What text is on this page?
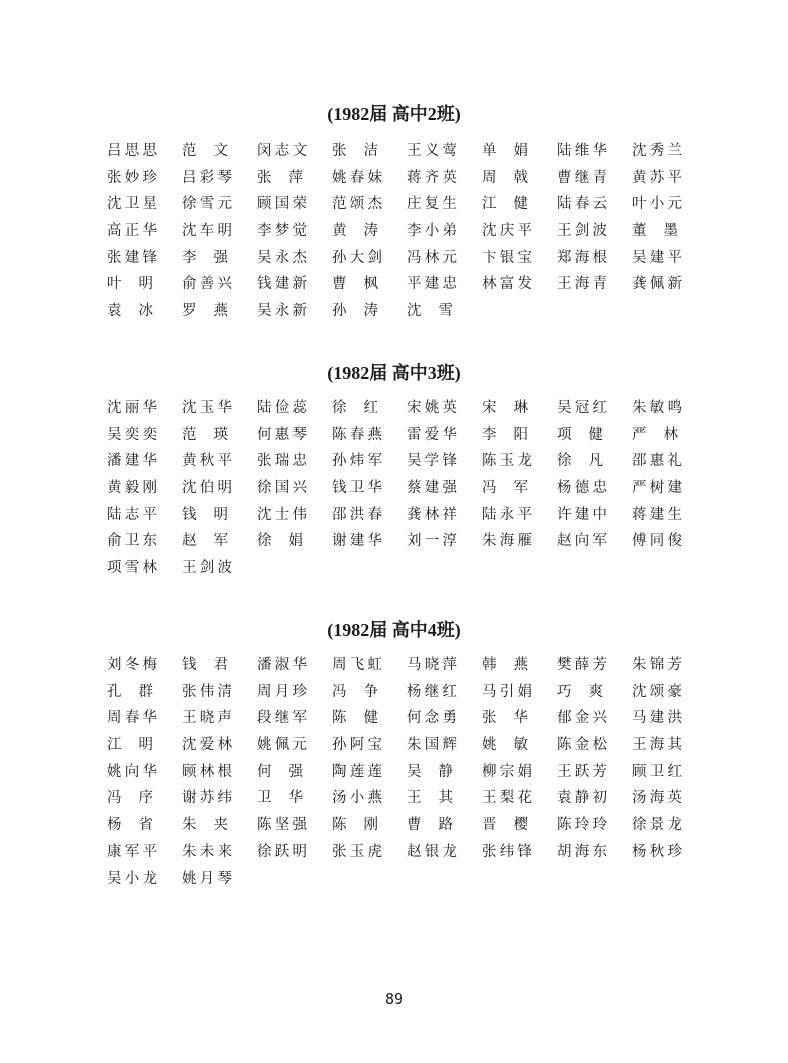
(1982届 高中2班)
吕思思 范文 闵志文 张洁 王义莺 单娟 陆维华 沈秀兰
张妙珍 吕彩琴 张萍 姚春妹 蒋齐英 周戟 曹继青 黄苏平
沈卫星 徐雪元 顾国荣 范颂杰 庄复生 江健 陆春云 叶小元
高正华 沈车明 李梦觉 黄涛 李小弟 沈庆平 王剑波 董墨
张建锋 李强 吴永杰 孙大剑 冯林元 卞银宝 郑海根 吴建平
叶明 俞善兴 钱建新 曹枫 平建忠 林富发 王海青 龚佩新
袁冰 罗燕 吴永新 孙涛 沈雪
(1982届 高中3班)
沈丽华 沈玉华 陆俭蕊 徐红 宋姚英 宋琳 吴冠红 朱敏鸣
吴奕奕 范瑛 何惠琴 陈春燕 雷爱华 李阳 项健 严林
潘建华 黄秋平 张瑞忠 孙炜军 吴学锋 陈玉龙 徐凡 邵惠礼
黄毅刚 沈伯明 徐国兴 钱卫华 蔡建强 冯军 杨德忠 严树建
陆志平 钱明 沈士伟 邵洪春 龚林祥 陆永平 许建中 蒋建生
俞卫东 赵军 徐娟 谢建华 刘一淳 朱海雁 赵向军 傅同俊
项雪林 王剑波
(1982届 高中4班)
刘冬梅 钱君 潘淑华 周飞虹 马晓萍 韩燕 樊薛芳 朱锦芳
孔群 张伟清 周月珍 冯争 杨继红 马引娟 巧爽 沈颂豪
周春华 王晓声 段继军 陈健 何念勇 张华 郁金兴 马建洪
江明 沈爱林 姚佩元 孙阿宝 朱国辉 姚敏 陈金松 王海其
姚向华 顾林根 何强 陶莲莲 吴静 柳宗娟 王跃芳 顾卫红
冯序 谢苏纬 卫华 汤小燕 王其 王梨花 袁静初 汤海英
杨省 朱夹 陈坚强 陈刚 曹路 晋樱 陈玲玲 徐景龙
康军平 朱未来 徐跃明 张玉虎 赵银龙 张纬锋 胡海东 杨秋珍
吴小龙 姚月琴
89
